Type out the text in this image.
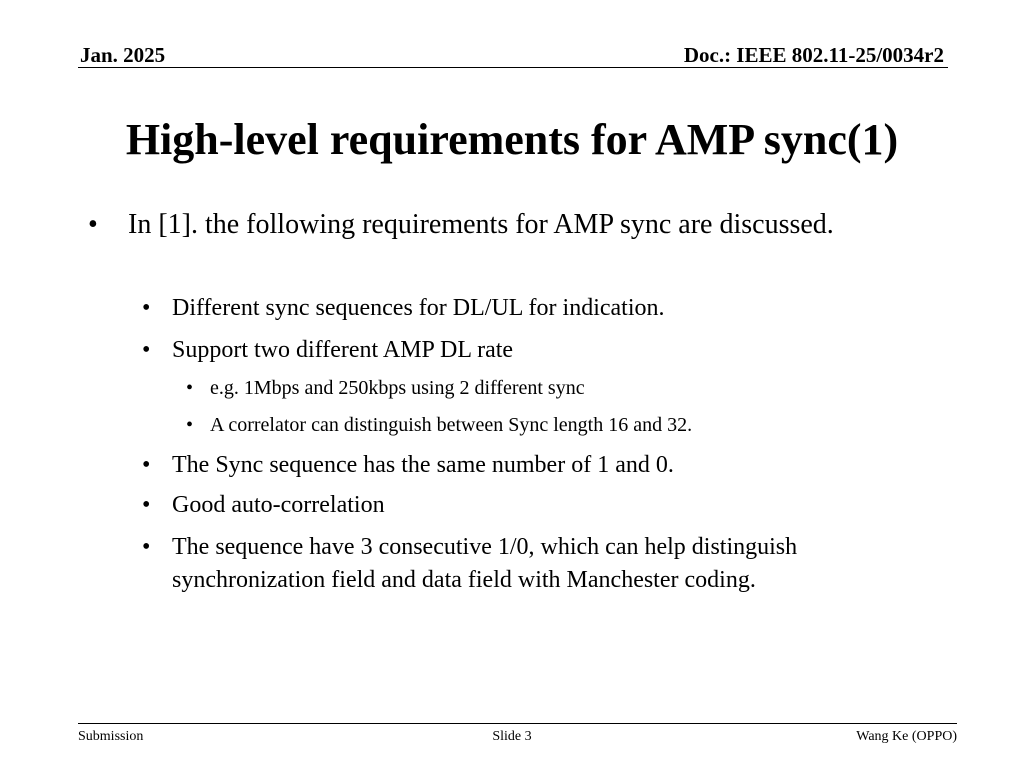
Jan. 2025	Doc.: IEEE 802.11-25/0034r2
High-level requirements for AMP sync(1)

• In [1]. the following requirements for AMP sync are discussed.

• Different sync sequences for DL/UL for indication.

• Support two different AMP DL rate

• e.g. 1Mbps and 250kbps using 2 different sync

• A correlator can distinguish between Sync length 16 and 32.

• The Sync sequence has the same number of 1 and 0.

• Good auto-correlation

• The sequence have 3 consecutive 1/0, which can help distinguish synchronization field and data field with Manchester coding.

Submission	Slide 3	Wang Ke (OPPO)
